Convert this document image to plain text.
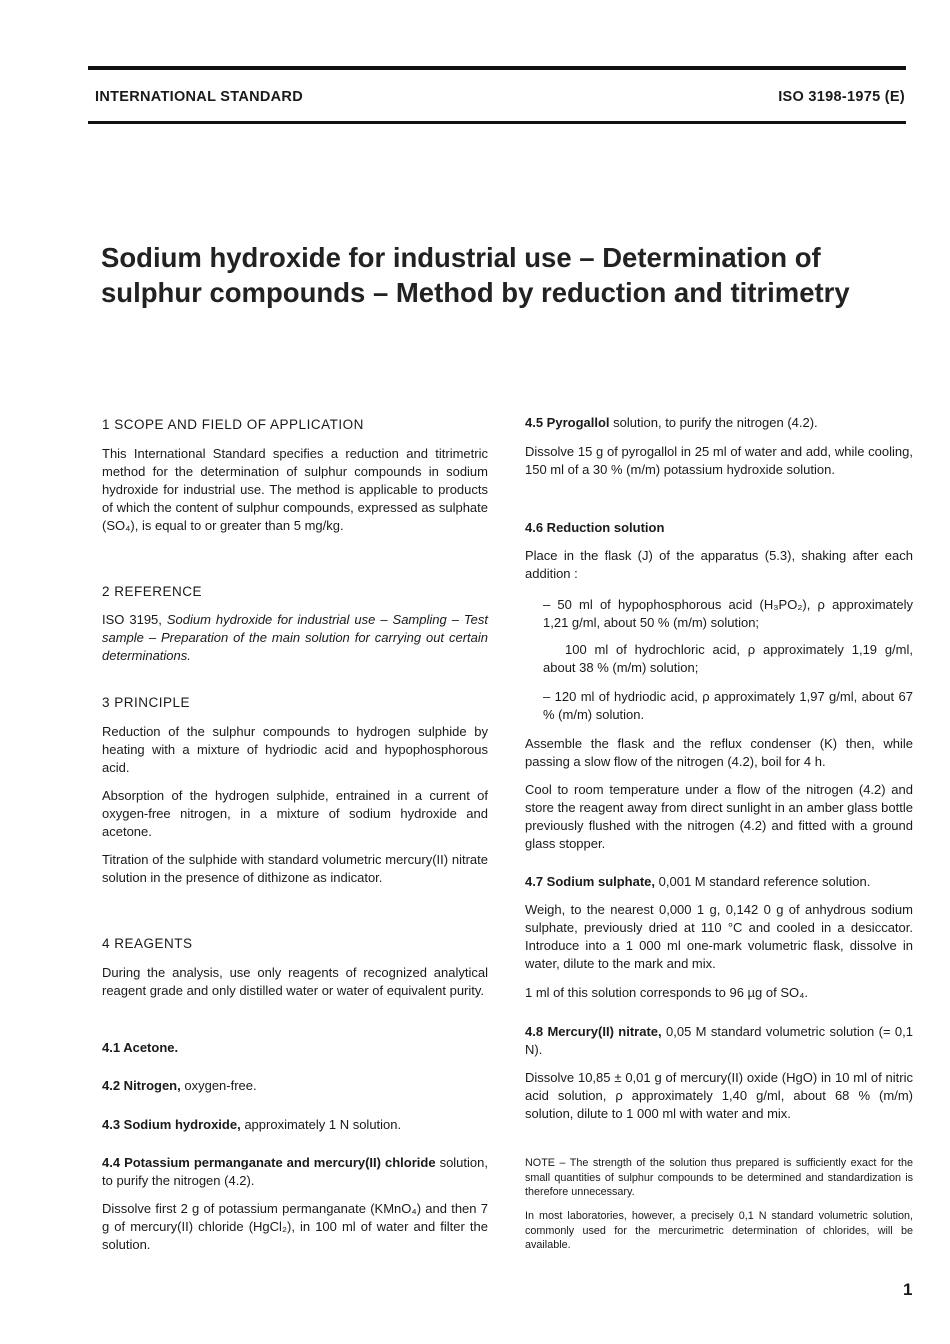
INTERNATIONAL STANDARD	ISO 3198-1975 (E)
Sodium hydroxide for industrial use – Determination of
sulphur compounds – Method by reduction and titrimetry
1 SCOPE AND FIELD OF APPLICATION
This International Standard specifies a reduction and titrimetric method for the determination of sulphur compounds in sodium hydroxide for industrial use. The method is applicable to products of which the content of sulphur compounds, expressed as sulphate (SO₄), is equal to or greater than 5 mg/kg.
2 REFERENCE
ISO 3195, Sodium hydroxide for industrial use – Sampling – Test sample – Preparation of the main solution for carrying out certain determinations.
3 PRINCIPLE
Reduction of the sulphur compounds to hydrogen sulphide by heating with a mixture of hydriodic acid and hypophosphorous acid.
Absorption of the hydrogen sulphide, entrained in a current of oxygen-free nitrogen, in a mixture of sodium hydroxide and acetone.
Titration of the sulphide with standard volumetric mercury(II) nitrate solution in the presence of dithizone as indicator.
4 REAGENTS
During the analysis, use only reagents of recognized analytical reagent grade and only distilled water or water of equivalent purity.
4.1 Acetone.
4.2 Nitrogen, oxygen-free.
4.3 Sodium hydroxide, approximately 1 N solution.
4.4 Potassium permanganate and mercury(II) chloride solution, to purify the nitrogen (4.2).
Dissolve first 2 g of potassium permanganate (KMnO₄) and then 7 g of mercury(II) chloride (HgCl₂), in 100 ml of water and filter the solution.
4.5 Pyrogallol solution, to purify the nitrogen (4.2).
Dissolve 15 g of pyrogallol in 25 ml of water and add, while cooling, 150 ml of a 30 % (m/m) potassium hydroxide solution.
4.6 Reduction solution
Place in the flask (J) of the apparatus (5.3), shaking after each addition :
– 50 ml of hypophosphorous acid (H₃PO₂), ρ approximately 1,21 g/ml, about 50 % (m/m) solution;
100 ml of hydrochloric acid, ρ approximately 1,19 g/ml, about 38 % (m/m) solution;
– 120 ml of hydriodic acid, ρ approximately 1,97 g/ml, about 67 % (m/m) solution.
Assemble the flask and the reflux condenser (K) then, while passing a slow flow of the nitrogen (4.2), boil for 4 h.
Cool to room temperature under a flow of the nitrogen (4.2) and store the reagent away from direct sunlight in an amber glass bottle previously flushed with the nitrogen (4.2) and fitted with a ground glass stopper.
4.7 Sodium sulphate, 0,001 M standard reference solution.
Weigh, to the nearest 0,000 1 g, 0,142 0 g of anhydrous sodium sulphate, previously dried at 110 °C and cooled in a desiccator. Introduce into a 1 000 ml one-mark volumetric flask, dissolve in water, dilute to the mark and mix.
1 ml of this solution corresponds to 96 µg of SO₄.
4.8 Mercury(II) nitrate, 0,05 M standard volumetric solution (= 0,1 N).
Dissolve 10,85 ± 0,01 g of mercury(II) oxide (HgO) in 10 ml of nitric acid solution, ρ approximately 1,40 g/ml, about 68 % (m/m) solution, dilute to 1 000 ml with water and mix.
NOTE – The strength of the solution thus prepared is sufficiently exact for the small quantities of sulphur compounds to be determined and standardization is therefore unnecessary.
In most laboratories, however, a precisely 0,1 N standard volumetric solution, commonly used for the mercurimetric determination of chlorides, will be available.
1
